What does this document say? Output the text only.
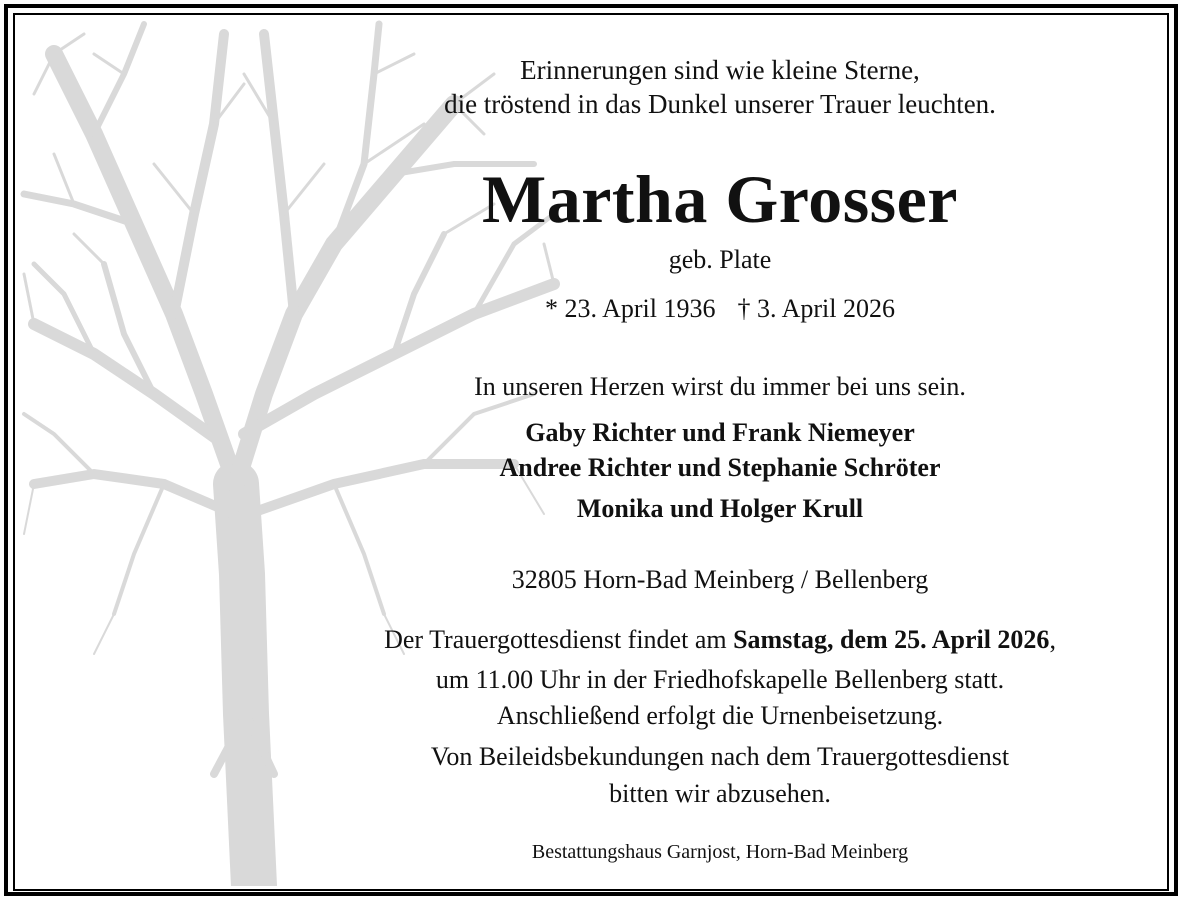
Erinnerungen sind wie kleine Sterne,
die tröstend in das Dunkel unserer Trauer leuchten.
Martha Grosser
geb. Plate
* 23. April 1936 † 3. April 2026
In unseren Herzen wirst du immer bei uns sein.
Gaby Richter und Frank Niemeyer
Andree Richter und Stephanie Schröter
Monika und Holger Krull
32805 Horn-Bad Meinberg / Bellenberg
Der Trauergottesdienst findet am Samstag, dem 25. April 2026,
um 11.00 Uhr in der Friedhofskapelle Bellenberg statt.
Anschließend erfolgt die Urnenbeisetzung.
Von Beileidsbekundungen nach dem Trauergottesdienst
bitten wir abzusehen.
Bestattungshaus Garnjost, Horn-Bad Meinberg
